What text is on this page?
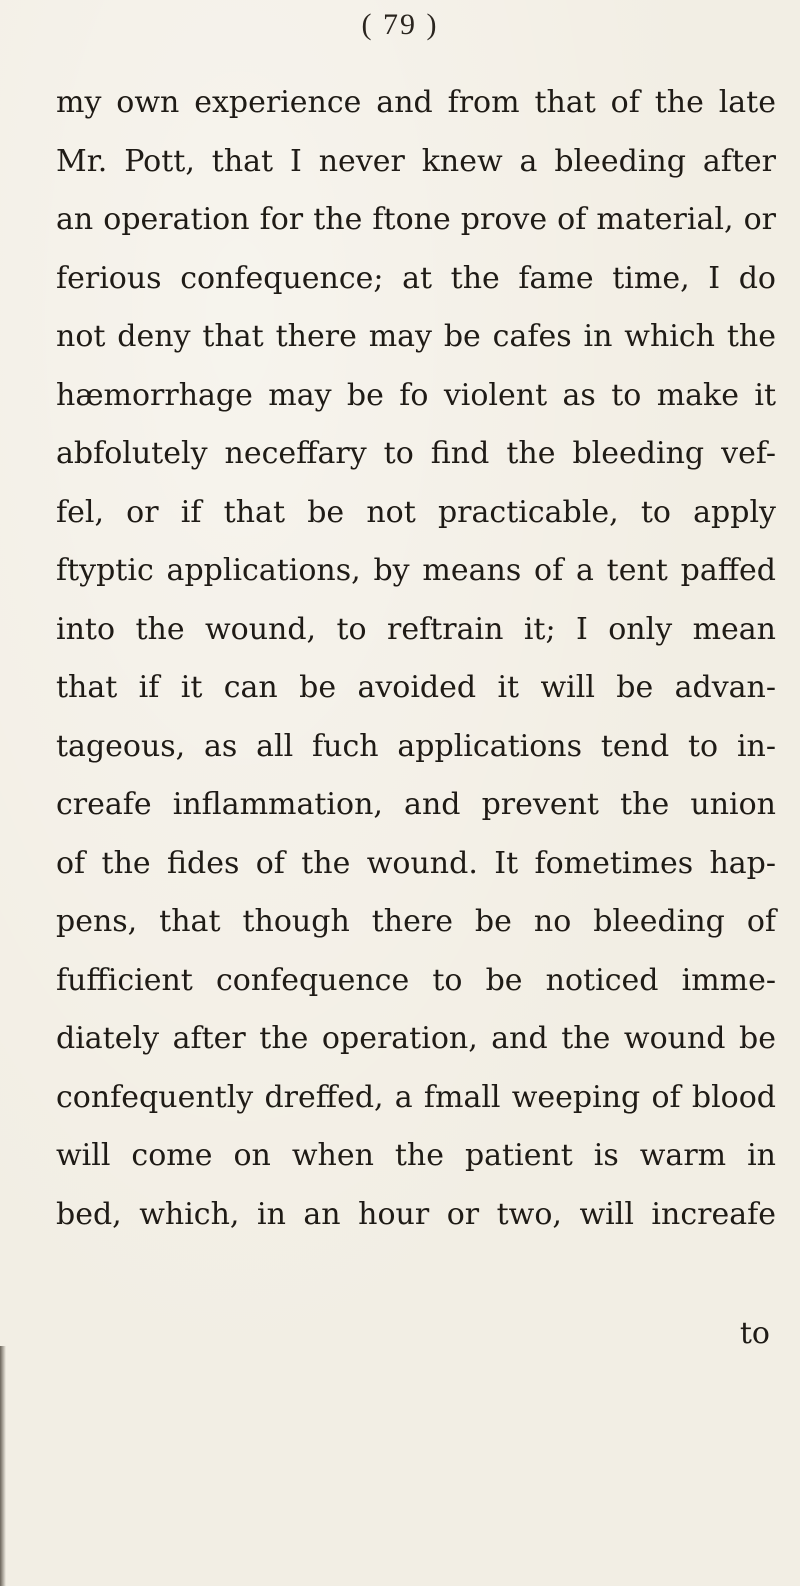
( 79 )
my own experience and from that of the late
Mr. Pott, that I never knew a bleeding after
an operation for the ftone prove of material, or
ferious confequence; at the fame time, I do
not deny that there may be cafes in which the
hæmorrhage may be fo violent as to make it
abfolutely neceffary to find the bleeding vef-
fel, or if that be not practicable, to apply
ftyptic applications, by means of a tent paffed
into the wound, to reftrain it; I only mean
that if it can be avoided it will be advan-
tageous, as all fuch applications tend to in-
creafe inflammation, and prevent the union
of the fides of the wound. It fometimes hap-
pens, that though there be no bleeding of
fufficient confequence to be noticed imme-
diately after the operation, and the wound be
confequently dreffed, a fmall weeping of blood
will come on when the patient is warm in
bed, which, in an hour or two, will increafe
to
